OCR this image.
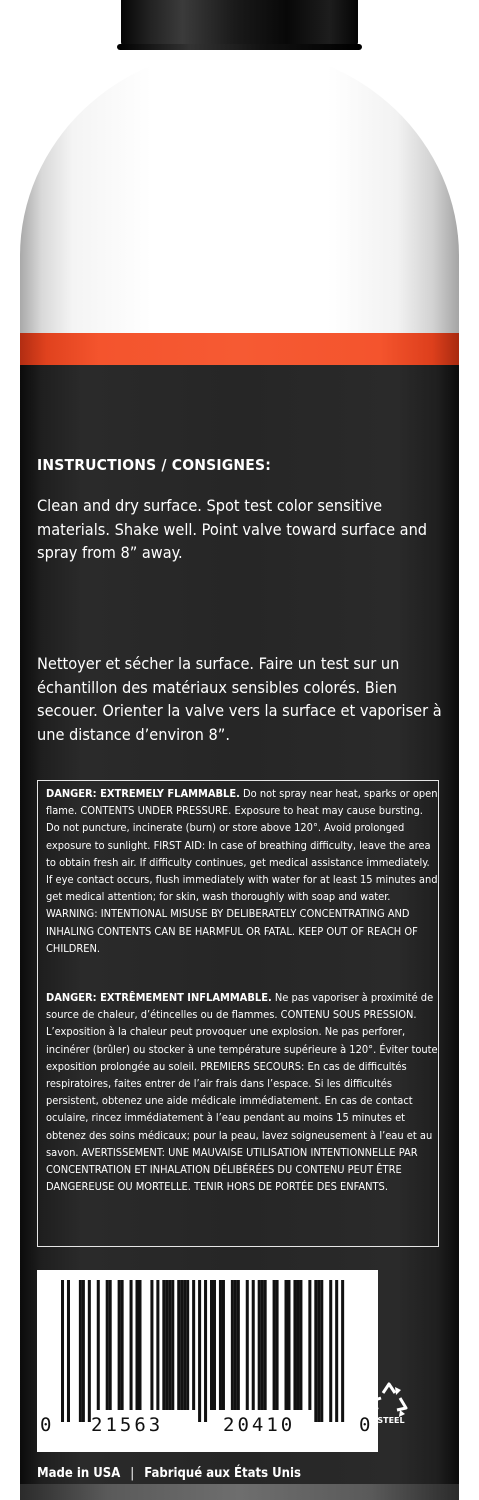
INSTRUCTIONS / CONSIGNES:
Clean and dry surface. Spot test color sensitive materials. Shake well. Point valve toward surface and spray from 8” away.
Nettoyer et sécher la surface. Faire un test sur un échantillon des matériaux sensibles colorés. Bien secouer. Orienter la valve vers la surface et vaporiser à une distance d’environ 8”.
DANGER: EXTREMELY FLAMMABLE. Do not spray near heat, sparks or open flame. CONTENTS UNDER PRESSURE. Exposure to heat may cause bursting. Do not puncture, incinerate (burn) or store above 120°. Avoid prolonged exposure to sunlight. FIRST AID: In case of breathing difficulty, leave the area to obtain fresh air. If difficulty continues, get medical assistance immediately. If eye contact occurs, flush immediately with water for at least 15 minutes and get medical attention; for skin, wash thoroughly with soap and water. WARNING: INTENTIONAL MISUSE BY DELIBERATELY CONCENTRATING AND INHALING CONTENTS CAN BE HARMFUL OR FATAL. KEEP OUT OF REACH OF CHILDREN.
DANGER: EXTRÊMEMENT INFLAMMABLE. Ne pas vaporiser à proximité de source de chaleur, d’étincelles ou de flammes. CONTENU SOUS PRESSION. L’exposition à la chaleur peut provoquer une explosion. Ne pas perforer, incinérer (brûler) ou stocker à une température supérieure à 120°. Éviter toute exposition prolongée au soleil. PREMIERS SECOURS: En cas de difficultés respiratoires, faites entrer de l’air frais dans l’espace. Si les difficultés persistent, obtenez une aide médicale immédiatement. En cas de contact oculaire, rincez immédiatement à l’eau pendant au moins 15 minutes et obtenez des soins médicaux; pour la peau, lavez soigneusement à l’eau et au savon. AVERTISSEMENT: UNE MAUVAISE UTILISATION INTENTIONNELLE PAR CONCENTRATION ET INHALATION DÉLIBÉRÉES DU CONTENU PEUT ÊTRE DANGEREUSE OU MORTELLE. TENIR HORS DE PORTÉE DES ENFANTS.
0 21563	20410	0 STEEL
Made in USA | Fabriqué aux États Unis
